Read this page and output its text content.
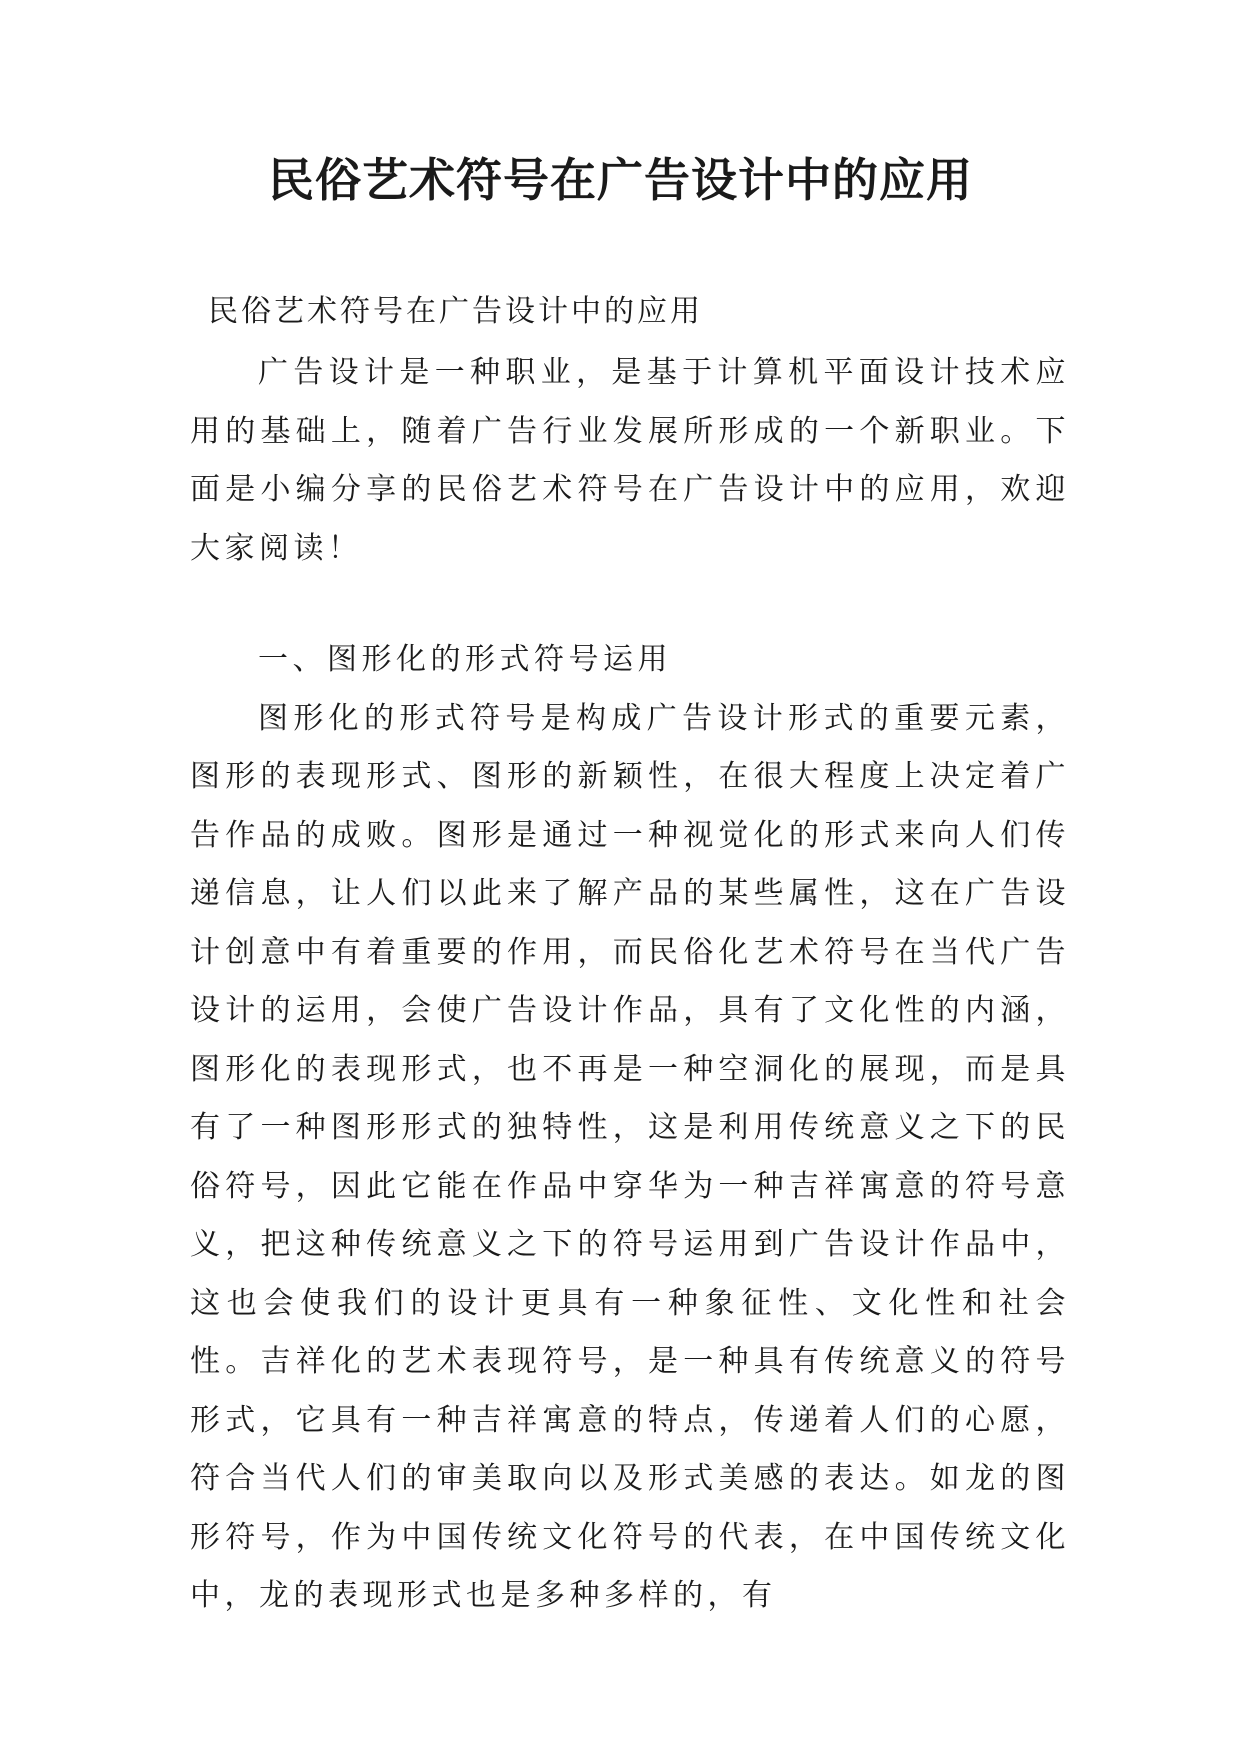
民俗艺术符号在广告设计中的应用

民俗艺术符号在广告设计中的应用

广告设计是一种职业，是基于计算机平面设计技术应用的基础上，随着广告行业发展所形成的一个新职业。下面是小编分享的民俗艺术符号在广告设计中的应用，欢迎大家阅读！

一、图形化的形式符号运用

图形化的形式符号是构成广告设计形式的重要元素，图形的表现形式、图形的新颖性，在很大程度上决定着广告作品的成败。图形是通过一种视觉化的形式来向人们传递信息，让人们以此来了解产品的某些属性，这在广告设计创意中有着重要的作用，而民俗化艺术符号在当代广告设计的运用，会使广告设计作品，具有了文化性的内涵，图形化的表现形式，也不再是一种空洞化的展现，而是具有了一种图形形式的独特性，这是利用传统意义之下的民俗符号，因此它能在作品中穿华为一种吉祥寓意的符号意义，把这种传统意义之下的符号运用到广告设计作品中，这也会使我们的设计更具有一种象征性、文化性和社会性。吉祥化的艺术表现符号，是一种具有传统意义的符号形式，它具有一种吉祥寓意的特点，传递着人们的心愿，符合当代人们的审美取向以及形式美感的表达。如龙的图形符号，作为中国传统文化符号的代表，在中国传统文化中，龙的表现形式也是多种多样的，有
